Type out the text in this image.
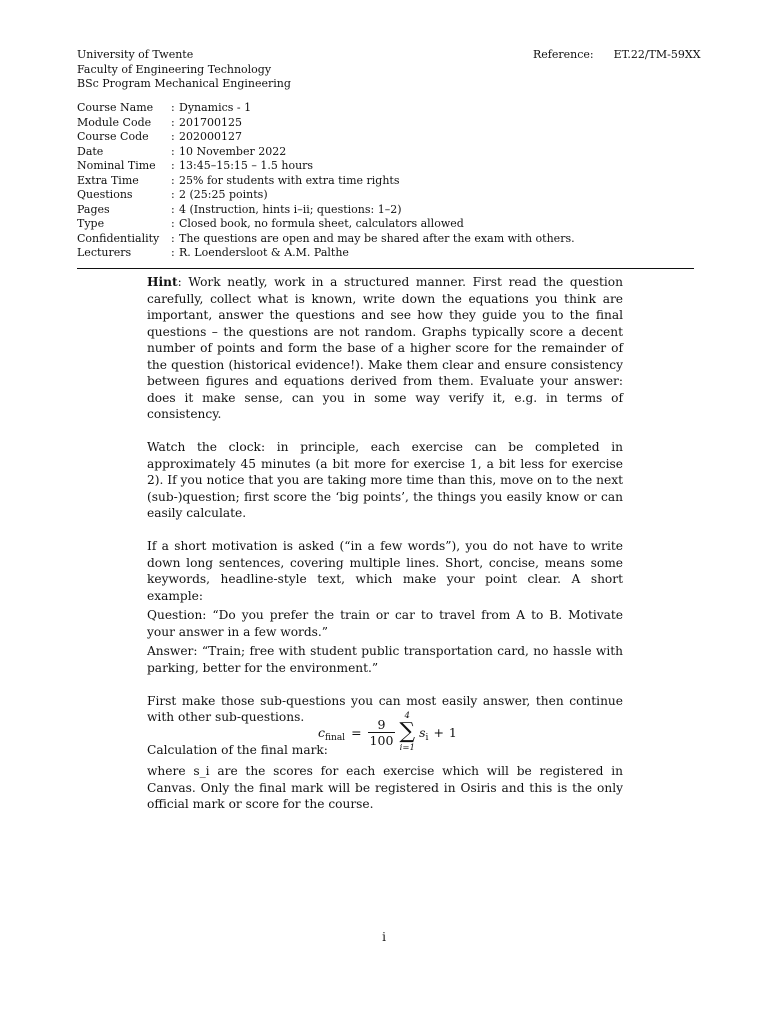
University of Twente
Faculty of Engineering Technology
BSc Program Mechanical Engineering
Reference: ET.22/TM-59XX
Course Name	: Dynamics - 1
Module Code	: 201700125
Course Code	: 202000127
Date	: 10 November 2022
Nominal Time	: 13:45–15:15 – 1.5 hours
Extra Time	: 25% for students with extra time rights
Questions	: 2 (25:25 points)
Pages	: 4 (Instruction, hints i–ii; questions: 1–2)
Type	: Closed book, no formula sheet, calculators allowed
Confidentiality	: The questions are open and may be shared after the exam with others.
Lecturers	: R. Loendersloot & A.M. Palthe

Hint: Work neatly, work in a structured manner. First read the question carefully, collect what is known, write down the equations you think are important, answer the questions and see how they guide you to the final questions – the questions are not random. Graphs typically score a decent number of points and form the base of a higher score for the remainder of the question (historical evidence!). Make them clear and ensure consistency between figures and equations derived from them. Evaluate your answer: does it make sense, can you in some way verify it, e.g. in terms of consistency.

Watch the clock: in principle, each exercise can be completed in approximately 45 minutes (a bit more for exercise 1, a bit less for exercise 2). If you notice that you are taking more time than this, move on to the next (sub-)question; first score the ‘big points’, the things you easily know or can easily calculate.

If a short motivation is asked (“in a few words”), you do not have to write down long sentences, covering multiple lines. Short, concise, means some keywords, headline-style text, which make your point clear. A short example:

Question: “Do you prefer the train or car to travel from A to B. Motivate your answer in a few words.”

Answer: “Train; free with student public transportation card, no hassle with parking, better for the environment.”

First make those sub-questions you can most easily answer, then continue with other sub-questions.

Calculation of the final mark:

$c_{final} = \frac{9}{100}$
4
∑
i=1
$s_i + 1$

where s_i are the scores for each exercise which will be registered in Canvas. Only the final mark will be registered in Osiris and this is the only official mark or score for the course.

i
